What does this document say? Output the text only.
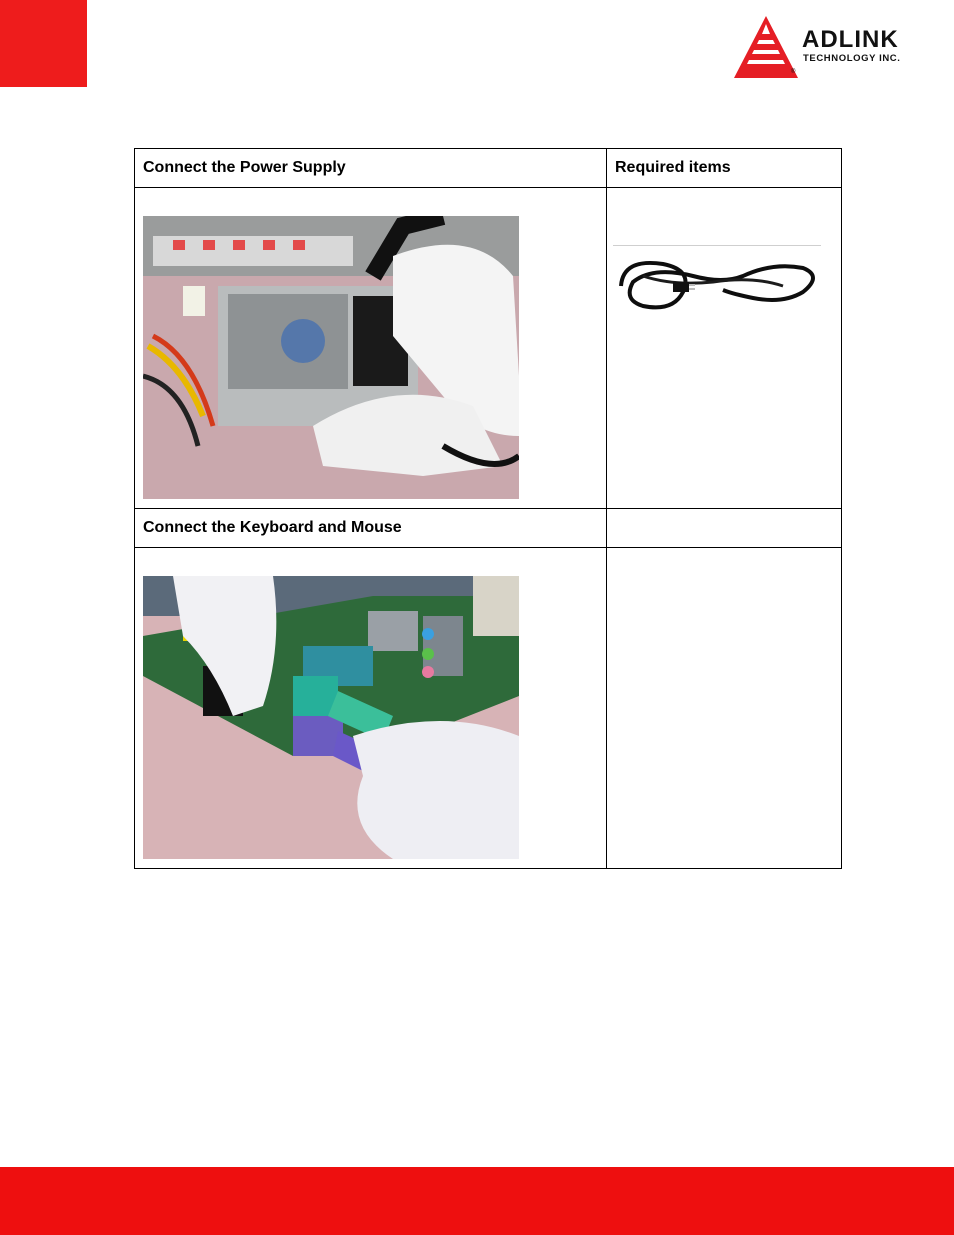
ADLINK
TECHNOLOGY INC.
®
Connect the Power Supply	Required items

Connect the Keyboard and Mouse	
